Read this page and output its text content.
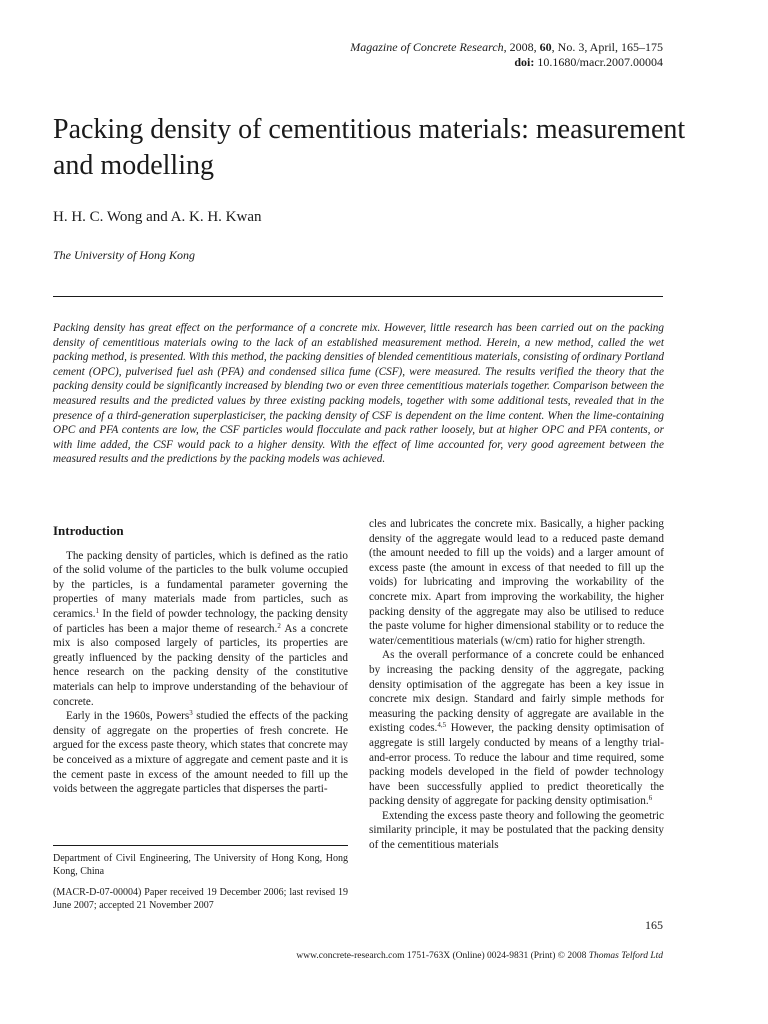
Magazine of Concrete Research, 2008, 60, No. 3, April, 165–175
doi: 10.1680/macr.2007.00004
Packing density of cementitious materials: measurement and modelling
H. H. C. Wong and A. K. H. Kwan
The University of Hong Kong
Packing density has great effect on the performance of a concrete mix. However, little research has been carried out on the packing density of cementitious materials owing to the lack of an established measurement method. Herein, a new method, called the wet packing method, is presented. With this method, the packing densities of blended cementitious materials, consisting of ordinary Portland cement (OPC), pulverised fuel ash (PFA) and condensed silica fume (CSF), were measured. The results verified the theory that the packing density could be significantly increased by blending two or even three cementitious materials together. Comparison between the measured results and the predicted values by three existing packing models, together with some additional tests, revealed that in the presence of a third-generation superplasticiser, the packing density of CSF is dependent on the lime content. When the lime-containing OPC and PFA contents are low, the CSF particles would flocculate and pack rather loosely, but at higher OPC and PFA contents, or with lime added, the CSF would pack to a higher density. With the effect of lime accounted for, very good agreement between the measured results and the predictions by the packing models was achieved.
Introduction

The packing density of particles, which is defined as the ratio of the solid volume of the particles to the bulk volume occupied by the particles, is a fundamental parameter governing the properties of many materials made from particles, such as ceramics.$^1$ In the field of powder technology, the packing density of particles has been a major theme of research.$^2$ As a concrete mix is also composed largely of particles, its properties are greatly influenced by the packing density of the particles and hence research on the packing density of the constitutive materials can help to improve understanding of the behaviour of concrete.

Early in the 1960s, Powers$^3$ studied the effects of the packing density of aggregate on the properties of fresh concrete. He argued for the excess paste theory, which states that concrete may be conceived as a mixture of aggregate and cement paste and it is the cement paste in excess of the amount needed to fill up the voids between the aggregate particles that disperses the parti-

Department of Civil Engineering, The University of Hong Kong, Hong Kong, China
(MACR-D-07-00004) Paper received 19 December 2006; last revised 19 June 2007; accepted 21 November 2007

cles and lubricates the concrete mix. Basically, a higher packing density of the aggregate would lead to a reduced paste demand (the amount needed to fill up the voids) and a larger amount of excess paste (the amount in excess of that needed to fill up the voids) for lubricating and improving the workability of the concrete mix. Apart from improving the workability, the higher packing density of the aggregate may also be utilised to reduce the paste volume for higher dimensional stability or to reduce the water/cementitious materials (w/cm) ratio for higher strength.

As the overall performance of a concrete could be enhanced by increasing the packing density of the aggregate, packing density optimisation of the aggregate has been a key issue in concrete mix design. Standard and fairly simple methods for measuring the packing density of aggregate are available in the existing codes.$^{4,5}$ However, the packing density optimisation of aggregate is still largely conducted by means of a lengthy trial-and-error process. To reduce the labour and time required, some packing models developed in the field of powder technology have been successfully applied to predict theoretically the packing density of aggregate for packing density optimisation.$^6$

Extending the excess paste theory and following the geometric similarity principle, it may be postulated that the packing density of the cementitious materials

165
www.concrete-research.com 1751-763X (Online) 0024-9831 (Print) © 2008 Thomas Telford Ltd
